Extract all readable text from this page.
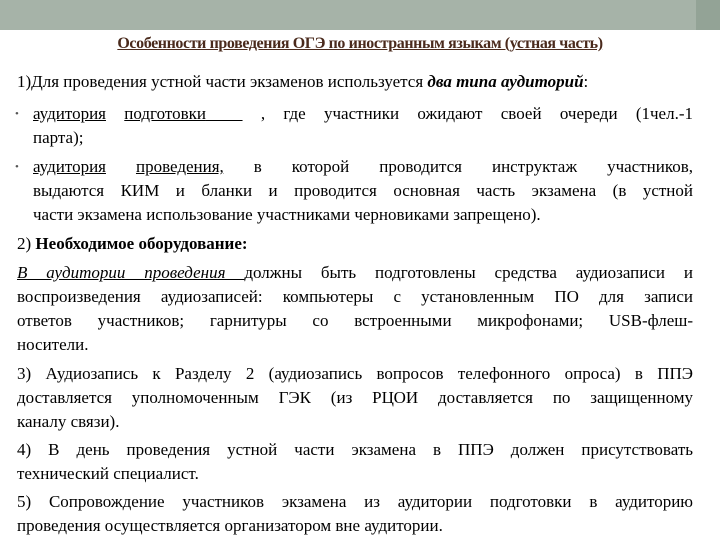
Особенности проведения ОГЭ по иностранным языкам (устная часть)
1)Для проведения устной части экзаменов используется два типа аудиторий:
• аудитория подготовки	, где участники ожидают своей очереди (1чел.-1
парта);
• аудитория проведения, в которой проводится инструктаж участников,
выдаются КИМ и бланки и проводится основная часть экзамена (в устной
части экзамена использование участниками черновиками запрещено).
2) Необходимое оборудование:
В аудитории проведения должны быть подготовлены средства аудиозаписи и
воспроизведения аудиозаписей: компьютеры с установленным ПО для записи
ответов участников; гарнитуры со встроенными микрофонами; USB-флеш-
носители.
3) Аудиозапись к Разделу 2 (аудиозапись вопросов телефонного опроса) в ППЭ
доставляется уполномоченным ГЭК (из РЦОИ доставляется по защищенному
каналу связи).
4) В день проведения устной части экзамена в ППЭ должен присутствовать
технический специалист.
5) Сопровождение участников экзамена из аудитории подготовки в аудиторию
проведения осуществляется организатором вне аудитории.
